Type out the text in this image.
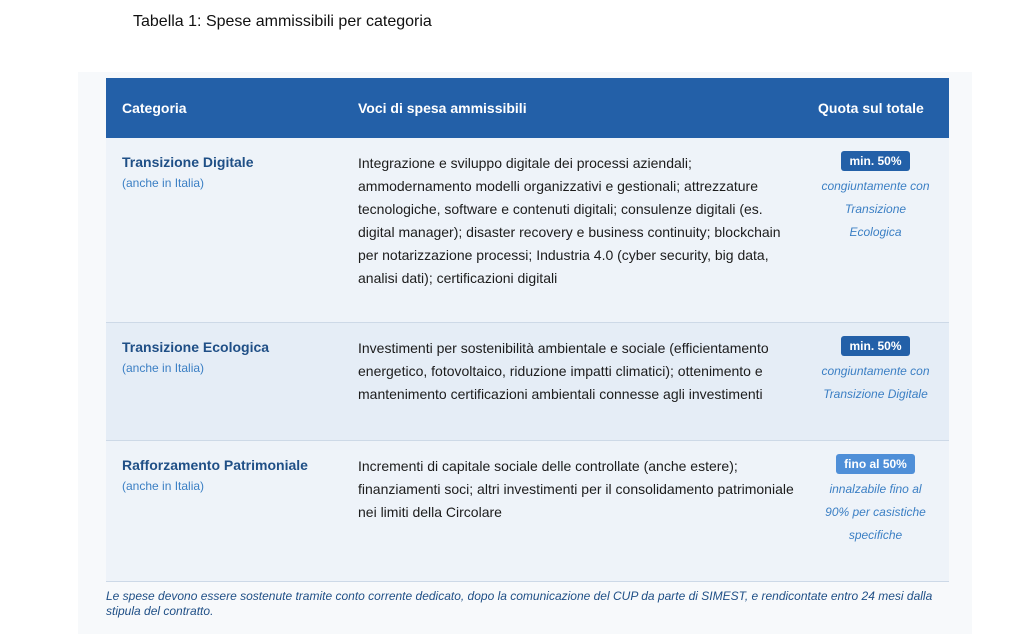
Tabella 1: Spese ammissibili per categoria
Categoria	Voci di spesa ammissibili	Quota sul totale
Transizione Digitale
(anche in Italia)
Integrazione e sviluppo digitale dei processi aziendali; ammodernamento modelli organizzativi e gestionali; attrezzature tecnologiche, software e contenuti digitali; consulenze digitali (es. digital manager); disaster recovery e business continuity; blockchain per notarizzazione processi; Industria 4.0 (cyber security, big data, analisi dati); certificazioni digitali
min. 50%
congiuntamente con Transizione Ecologica
Transizione Ecologica
(anche in Italia)
Investimenti per sostenibilità ambientale e sociale (efficientamento energetico, fotovoltaico, riduzione impatti climatici); ottenimento e mantenimento certificazioni ambientali connesse agli investimenti
min. 50%
congiuntamente con Transizione Digitale
Rafforzamento Patrimoniale
(anche in Italia)
Incrementi di capitale sociale delle controllate (anche estere); finanziamenti soci; altri investimenti per il consolidamento patrimoniale nei limiti della Circolare
fino al 50%
innalzabile fino al 90% per casistiche specifiche
Le spese devono essere sostenute tramite conto corrente dedicato, dopo la comunicazione del CUP da parte di SIMEST, e rendicontate entro 24 mesi dalla stipula del contratto.
